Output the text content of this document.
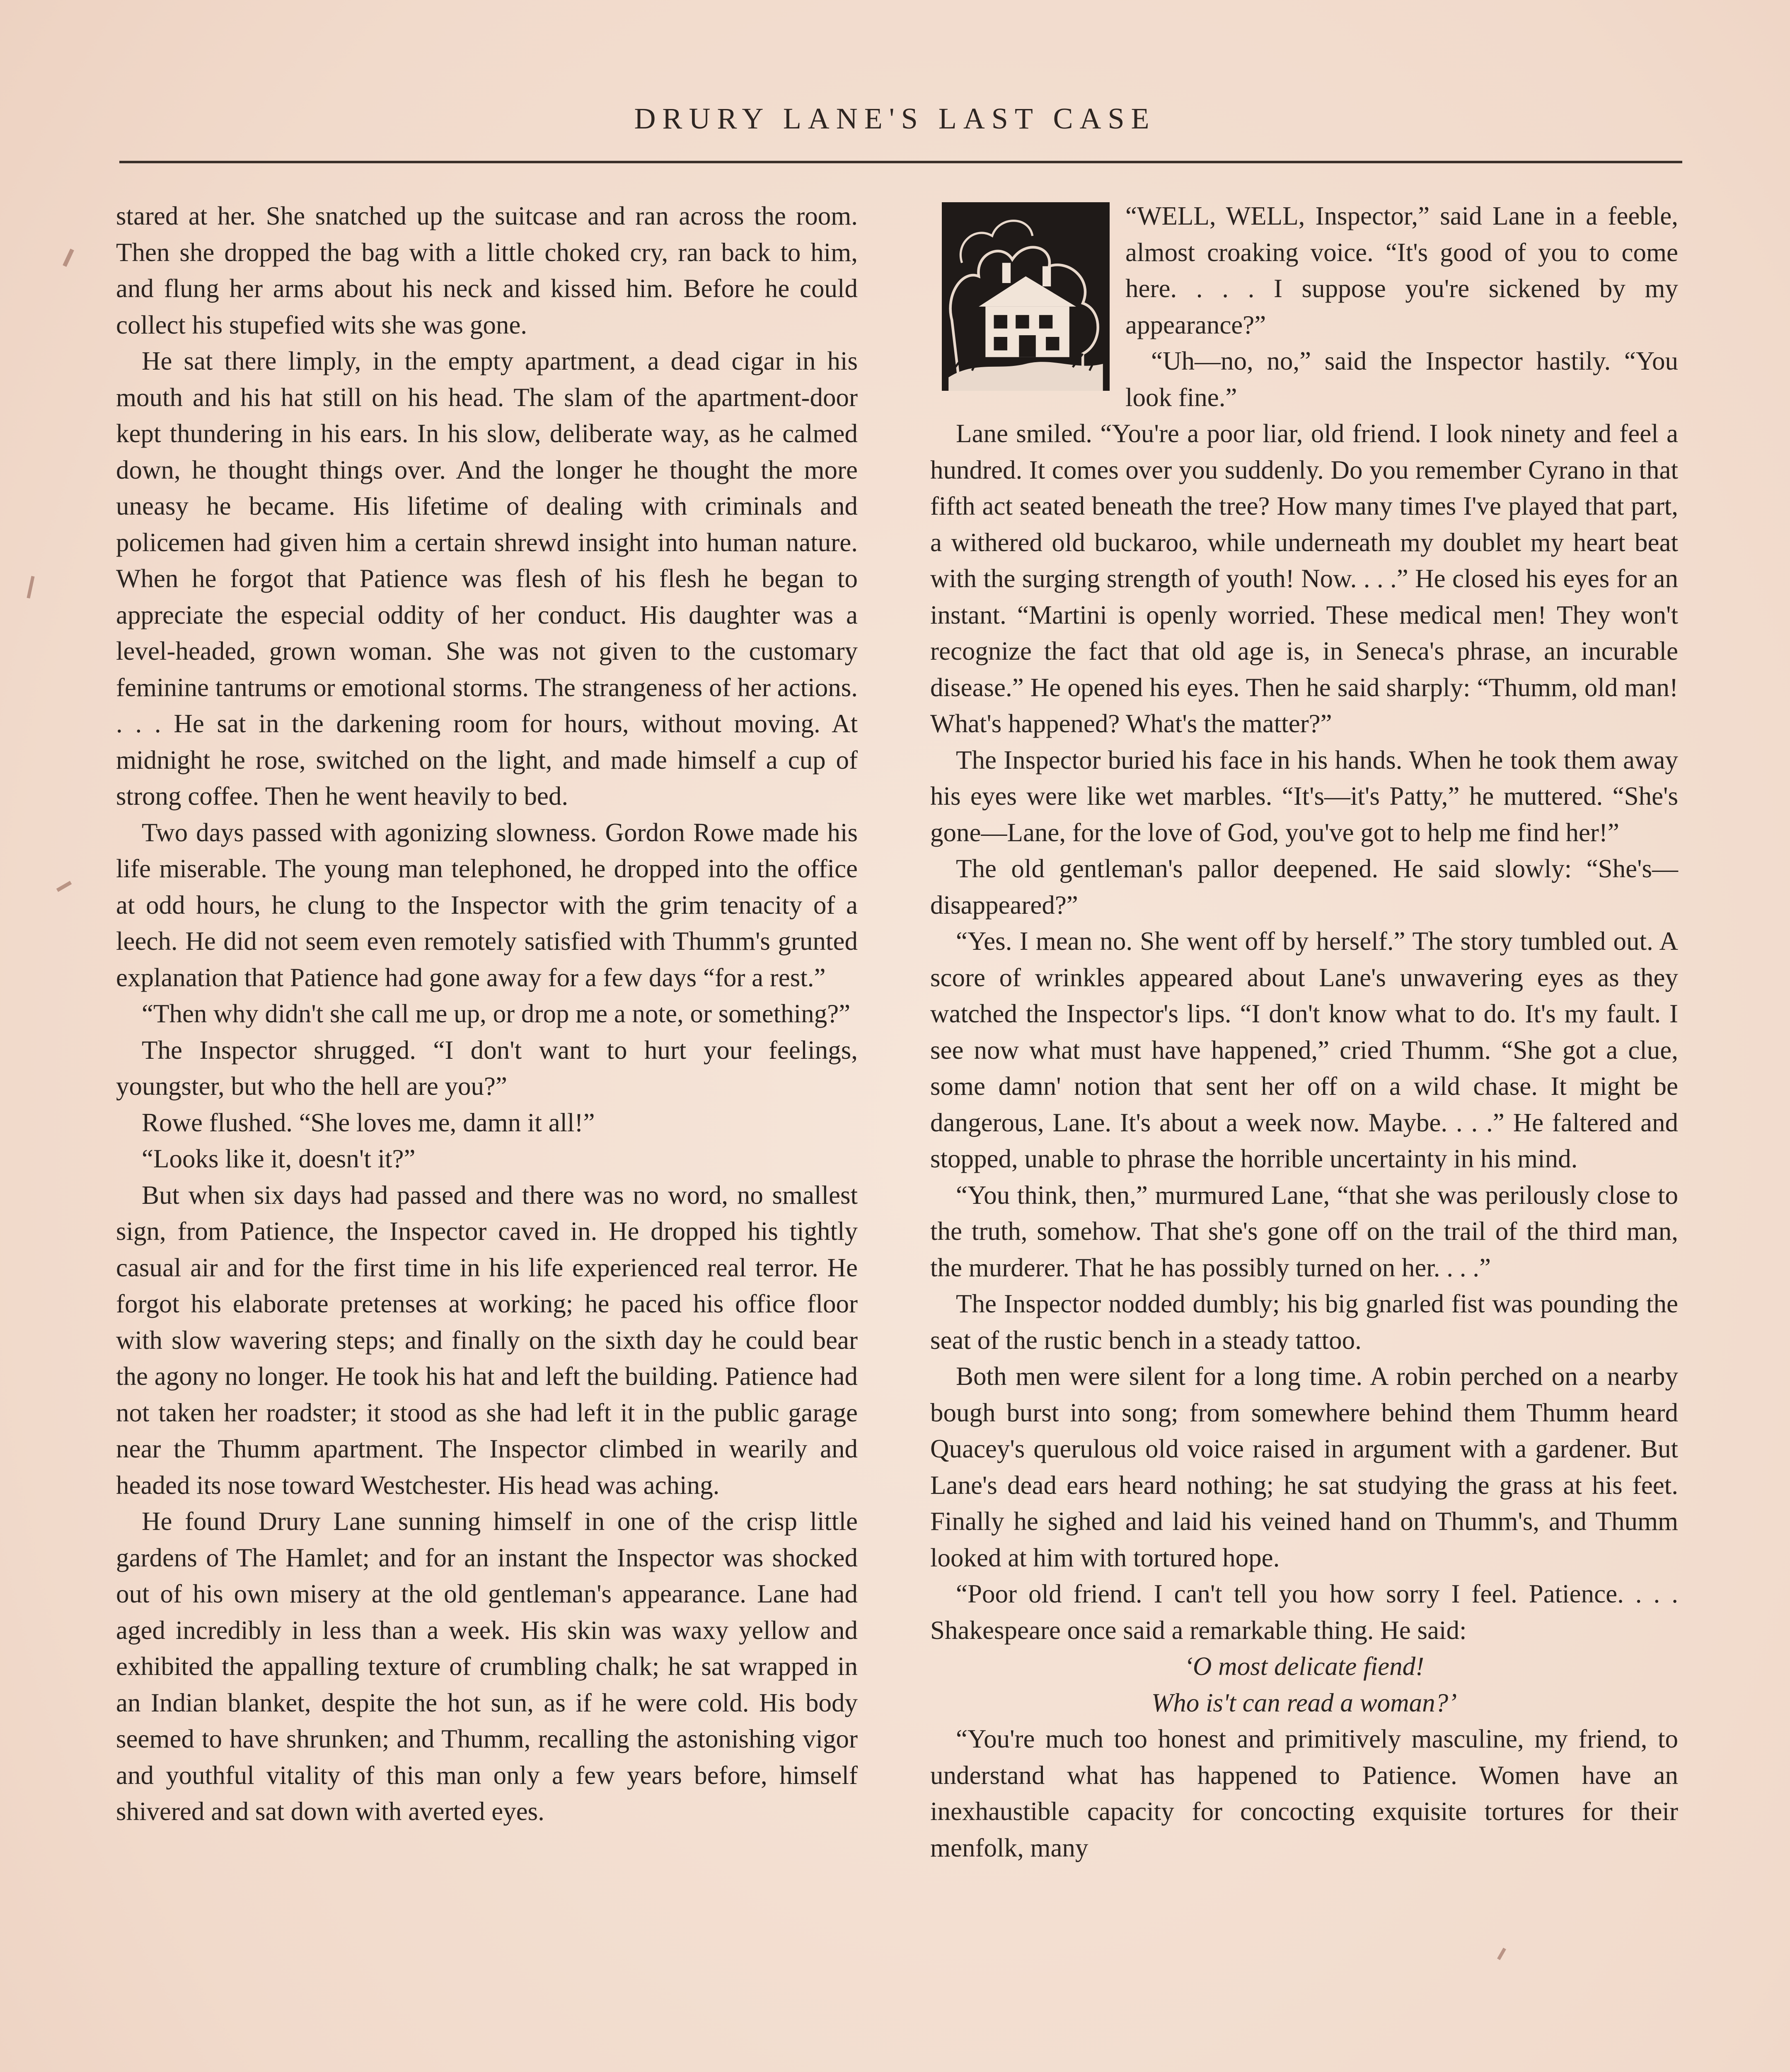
DRURY LANE'S LAST CASE

stared at her. She snatched up the suitcase and ran across the room. Then she dropped the bag with a little choked cry, ran back to him, and flung her arms about his neck and kissed him. Before he could collect his stupefied wits she was gone.

He sat there limply, in the empty apartment, a dead cigar in his mouth and his hat still on his head. The slam of the apartment-door kept thundering in his ears. In his slow, deliberate way, as he calmed down, he thought things over. And the longer he thought the more uneasy he became. His lifetime of dealing with criminals and policemen had given him a certain shrewd insight into human nature. When he forgot that Patience was flesh of his flesh he began to appreciate the especial oddity of her conduct. His daughter was a level-headed, grown woman. She was not given to the customary feminine tantrums or emotional storms. The strangeness of her actions. . . . He sat in the darkening room for hours, without moving. At midnight he rose, switched on the light, and made himself a cup of strong coffee. Then he went heavily to bed.

Two days passed with agonizing slowness. Gordon Rowe made his life miserable. The young man telephoned, he dropped into the office at odd hours, he clung to the Inspector with the grim tenacity of a leech. He did not seem even remotely satisfied with Thumm's grunted explanation that Patience had gone away for a few days “for a rest.”

“Then why didn't she call me up, or drop me a note, or something?”

The Inspector shrugged. “I don't want to hurt your feelings, youngster, but who the hell are you?”

Rowe flushed. “She loves me, damn it all!”

“Looks like it, doesn't it?”

But when six days had passed and there was no word, no smallest sign, from Patience, the Inspector caved in. He dropped his tightly casual air and for the first time in his life experienced real terror. He forgot his elaborate pretenses at working; he paced his office floor with slow wavering steps; and finally on the sixth day he could bear the agony no longer. He took his hat and left the building. Patience had not taken her roadster; it stood as she had left it in the public garage near the Thumm apartment. The Inspector climbed in wearily and headed its nose toward Westchester. His head was aching.

He found Drury Lane sunning himself in one of the crisp little gardens of The Hamlet; and for an instant the Inspector was shocked out of his own misery at the old gentleman's appearance. Lane had aged incredibly in less than a week. His skin was waxy yellow and exhibited the appalling texture of crumbling chalk; he sat wrapped in an Indian blanket, despite the hot sun, as if he were cold. His body seemed to have shrunken; and Thumm, recalling the astonishing vigor and youthful vitality of this man only a few years before, himself shivered and sat down with averted eyes.

“WELL, WELL, Inspector,” said Lane in a feeble, almost croaking voice. “It's good of you to come here. . . . I suppose you're sickened by my appearance?”

“Uh—no, no,” said the Inspector hastily. “You look fine.”

Lane smiled. “You're a poor liar, old friend. I look ninety and feel a hundred. It comes over you suddenly. Do you remember Cyrano in that fifth act seated beneath the tree? How many times I've played that part, a withered old buckaroo, while underneath my doublet my heart beat with the surging strength of youth! Now. . . .” He closed his eyes for an instant. “Martini is openly worried. These medical men! They won't recognize the fact that old age is, in Seneca's phrase, an incurable disease.” He opened his eyes. Then he said sharply: “Thumm, old man! What's happened? What's the matter?”

The Inspector buried his face in his hands. When he took them away his eyes were like wet marbles. “It's—it's Patty,” he muttered. “She's gone—Lane, for the love of God, you've got to help me find her!”

The old gentleman's pallor deepened. He said slowly: “She's—disappeared?”

“Yes. I mean no. She went off by herself.” The story tumbled out. A score of wrinkles appeared about Lane's unwavering eyes as they watched the Inspector's lips. “I don't know what to do. It's my fault. I see now what must have happened,” cried Thumm. “She got a clue, some damn' notion that sent her off on a wild chase. It might be dangerous, Lane. It's about a week now. Maybe. . . .” He faltered and stopped, unable to phrase the horrible uncertainty in his mind.

“You think, then,” murmured Lane, “that she was perilously close to the truth, somehow. That she's gone off on the trail of the third man, the murderer. That he has possibly turned on her. . . .”

The Inspector nodded dumbly; his big gnarled fist was pounding the seat of the rustic bench in a steady tattoo.

Both men were silent for a long time. A robin perched on a nearby bough burst into song; from somewhere behind them Thumm heard Quacey's querulous old voice raised in argument with a gardener. But Lane's dead ears heard nothing; he sat studying the grass at his feet. Finally he sighed and laid his veined hand on Thumm's, and Thumm looked at him with tortured hope.

“Poor old friend. I can't tell you how sorry I feel. Patience. . . . Shakespeare once said a remarkable thing. He said:

‘O most delicate fiend!
Who is't can read a woman?’

“You're much too honest and primitively masculine, my friend, to understand what has happened to Patience. Women have an inexhaustible capacity for concocting exquisite tortures for their menfolk, many
